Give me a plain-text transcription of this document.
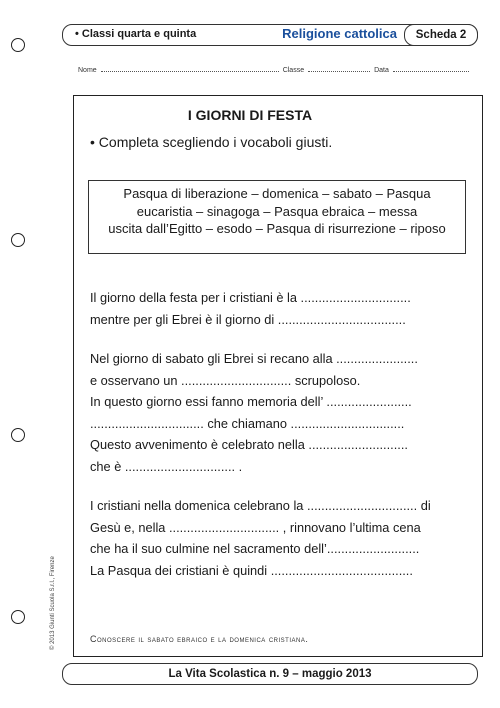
• Classi quarta e quinta	Religione cattolica	Scheda 2
Nome	Classe	Data
I GIORNI DI FESTA
• Completa scegliendo i vocaboli giusti.
Pasqua di liberazione – domenica – sabato – Pasqua
eucaristia – sinagoga – Pasqua ebraica – messa
uscita dall’Egitto – esodo – Pasqua di risurrezione – riposo

Il giorno della festa per i cristiani è la ...............................

mentre per gli Ebrei è il giorno di ....................................

Nel giorno di sabato gli Ebrei si recano alla .......................

e osservano un ............................... scrupoloso.

In questo giorno essi fanno memoria dell’ ........................

................................ che chiamano ................................

Questo avvenimento è celebrato nella ............................

che è ............................... .

I cristiani nella domenica celebrano la ............................... di

Gesù e, nella ............................... , rinnovano l’ultima cena

che ha il suo culmine nel sacramento dell’..........................

La Pasqua dei cristiani è quindi ........................................

Conoscere il sabato ebraico e la domenica cristiana.
© 2013 Giunti Scuola S.r.l., Firenze
La Vita Scolastica n. 9 – maggio 2013
